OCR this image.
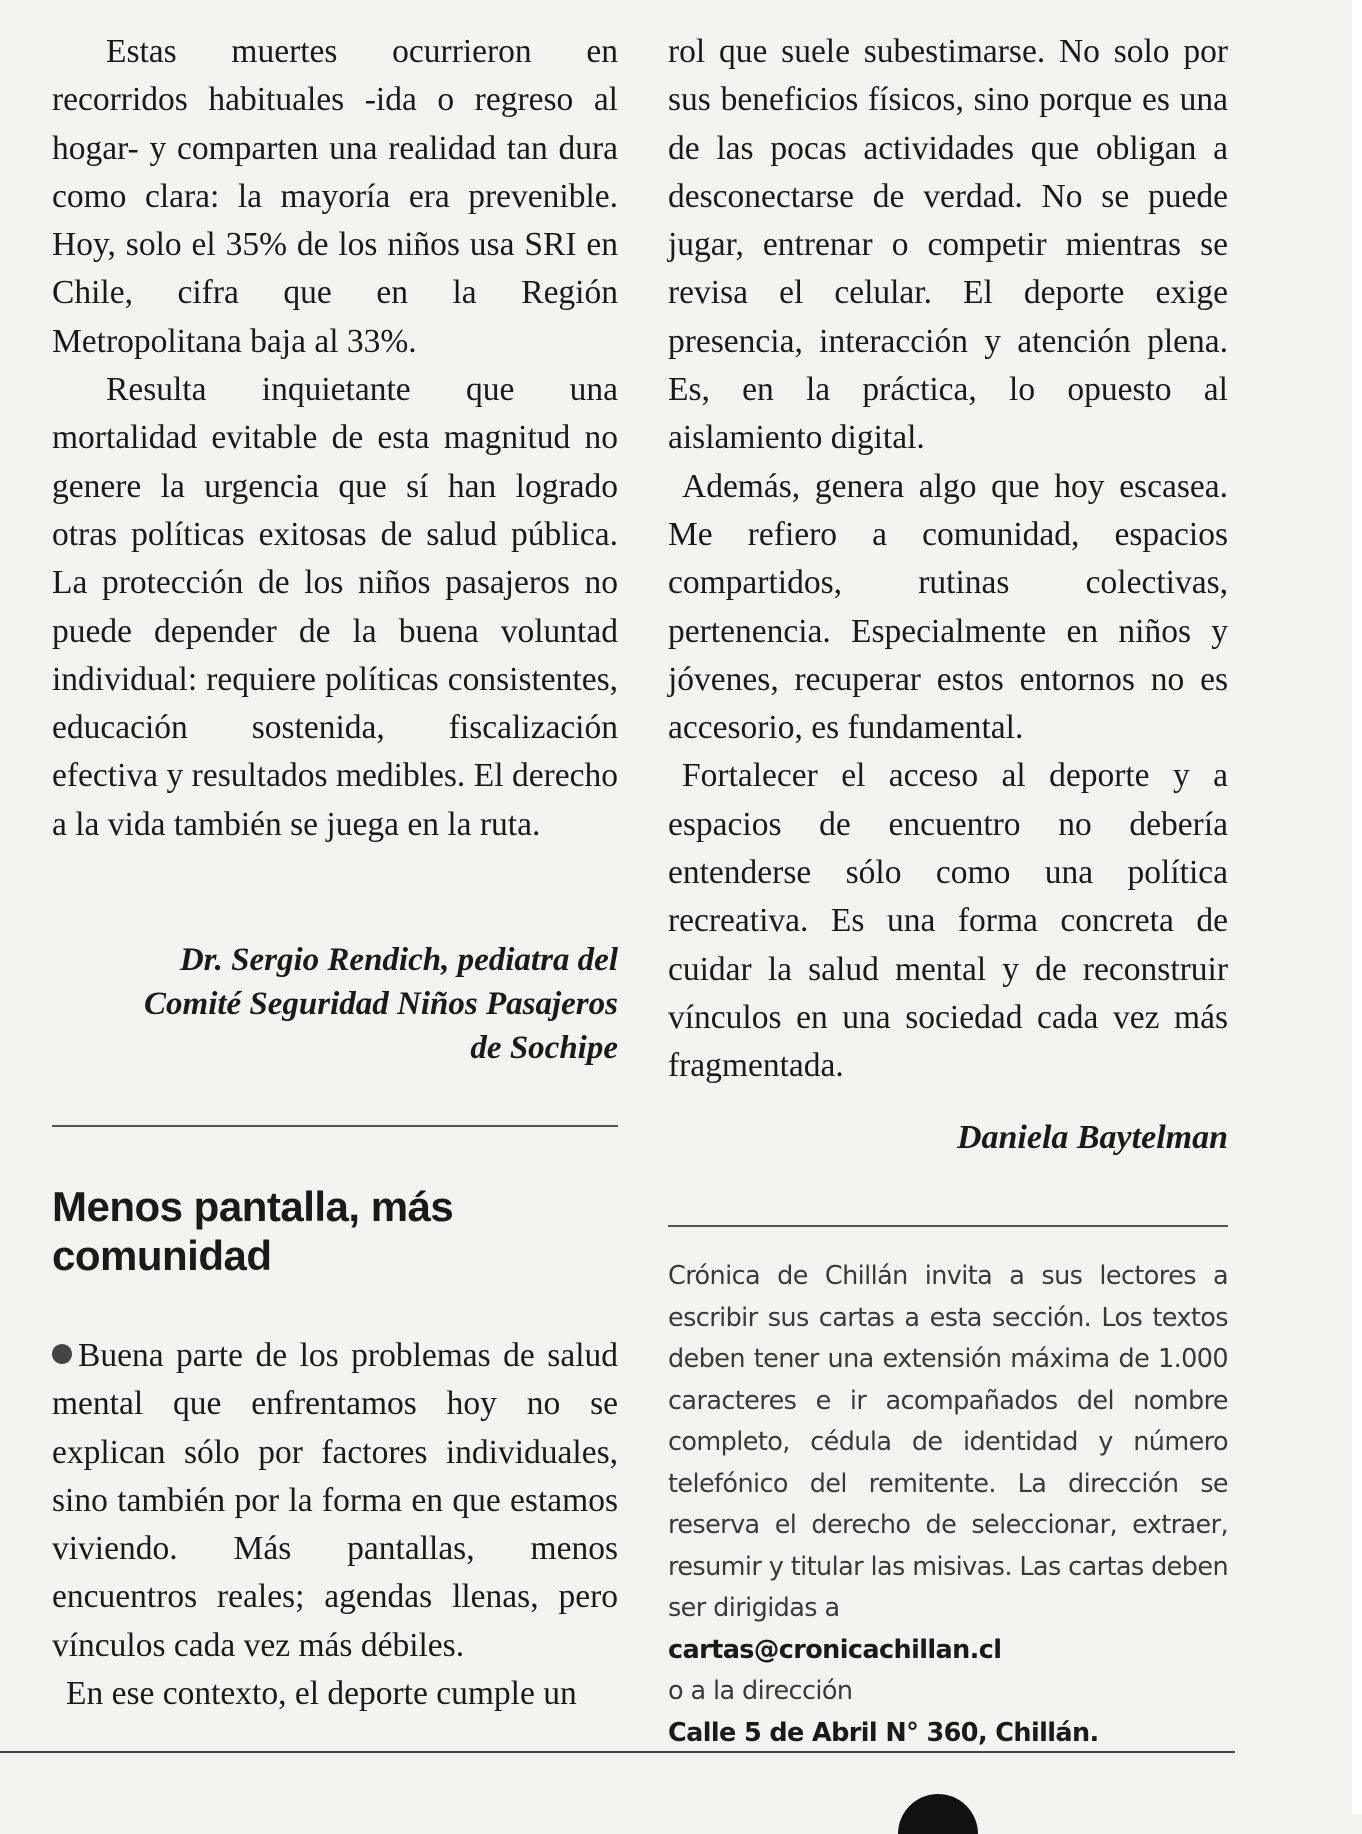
Estas muertes ocurrieron en recorridos habituales -ida o regreso al hogar- y comparten una realidad tan dura como clara: la mayoría era prevenible. Hoy, solo el 35% de los niños usa SRI en Chile, cifra que en la Región Metropolitana baja al 33%.

Resulta inquietante que una mortalidad evitable de esta magnitud no genere la urgencia que sí han logrado otras políticas exitosas de salud pública. La protección de los niños pasajeros no puede depender de la buena voluntad individual: requiere políticas consistentes, educación sostenida, fiscalización efectiva y resultados medibles. El derecho a la vida también se juega en la ruta.

Dr. Sergio Rendich, pediatra del
Comité Seguridad Niños Pasajeros
de Sochipe
Menos pantalla, más
comunidad

Buena parte de los problemas de salud mental que enfrentamos hoy no se explican sólo por factores individuales, sino también por la forma en que estamos viviendo. Más pantallas, menos encuentros reales; agendas llenas, pero vínculos cada vez más débiles.

En ese contexto, el deporte cumple un

rol que suele subestimarse. No solo por sus beneficios físicos, sino porque es una de las pocas actividades que obligan a desconectarse de verdad. No se puede jugar, entrenar o competir mientras se revisa el celular. El deporte exige presencia, interacción y atención plena. Es, en la práctica, lo opuesto al aislamiento digital.

Además, genera algo que hoy escasea. Me refiero a comunidad, espacios compartidos, rutinas colectivas, pertenencia. Especialmente en niños y jóvenes, recuperar estos entornos no es accesorio, es fundamental.

Fortalecer el acceso al deporte y a espacios de encuentro no debería entenderse sólo como una política recreativa. Es una forma concreta de cuidar la salud mental y de reconstruir vínculos en una sociedad cada vez más fragmentada.

Daniela Baytelman

Crónica de Chillán invita a sus lectores a escribir sus cartas a esta sección. Los textos deben tener una extensión máxima de 1.000 caracteres e ir acompañados del nombre completo, cédula de identidad y número telefónico del remitente. La dirección se reserva el derecho de seleccionar, extraer, resumir y titular las misivas. Las cartas deben ser dirigidas a

cartas@cronicachillan.cl

o a la dirección

Calle 5 de Abril N° 360, Chillán.
